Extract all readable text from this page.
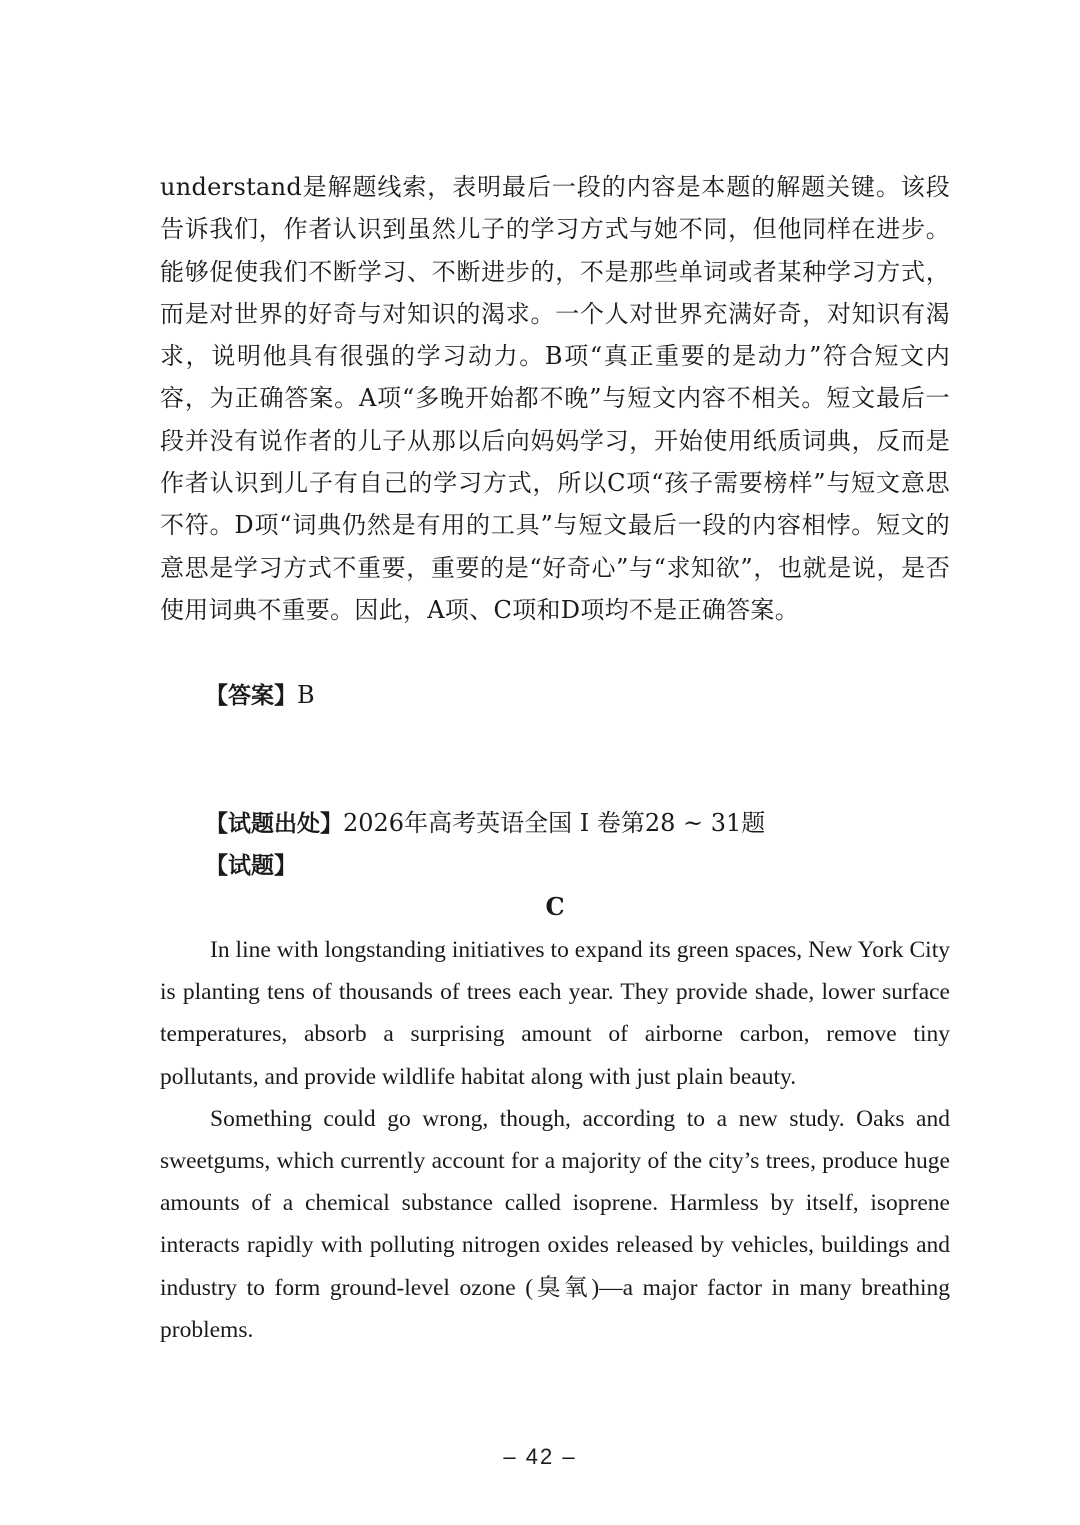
understand是解题线索，表明最后一段的内容是本题的解题关键。该段告诉我们，作者认识到虽然儿子的学习方式与她不同，但他同样在进步。能够促使我们不断学习、不断进步的，不是那些单词或者某种学习方式，而是对世界的好奇与对知识的渴求。一个人对世界充满好奇，对知识有渴求，说明他具有很强的学习动力。B项“真正重要的是动力”符合短文内容，为正确答案。A项“多晚开始都不晚”与短文内容不相关。短文最后一段并没有说作者的儿子从那以后向妈妈学习，开始使用纸质词典，反而是作者认识到儿子有自己的学习方式，所以C项“孩子需要榜样”与短文意思不符。D项“词典仍然是有用的工具”与短文最后一段的内容相悖。短文的意思是学习方式不重要，重要的是“好奇心”与“求知欲”，也就是说，是否使用词典不重要。因此，A项、C项和D项均不是正确答案。
【答案】B
【试题出处】2026年高考英语全国 I 卷第28 ~ 31题
【试题】
C

In line with longstanding initiatives to expand its green spaces, New York City is planting tens of thousands of trees each year. They provide shade, lower surface temperatures, absorb a surprising amount of airborne carbon, remove tiny pollutants, and provide wildlife habitat along with just plain beauty.

Something could go wrong, though, according to a new study. Oaks and sweetgums, which currently account for a majority of the city’s trees, produce huge amounts of a chemical substance called isoprene. Harmless by itself, isoprene interacts rapidly with polluting nitrogen oxides released by vehicles, buildings and industry to form ground-level ozone (臭氧)—a major factor in many breathing problems.

– 42 –
